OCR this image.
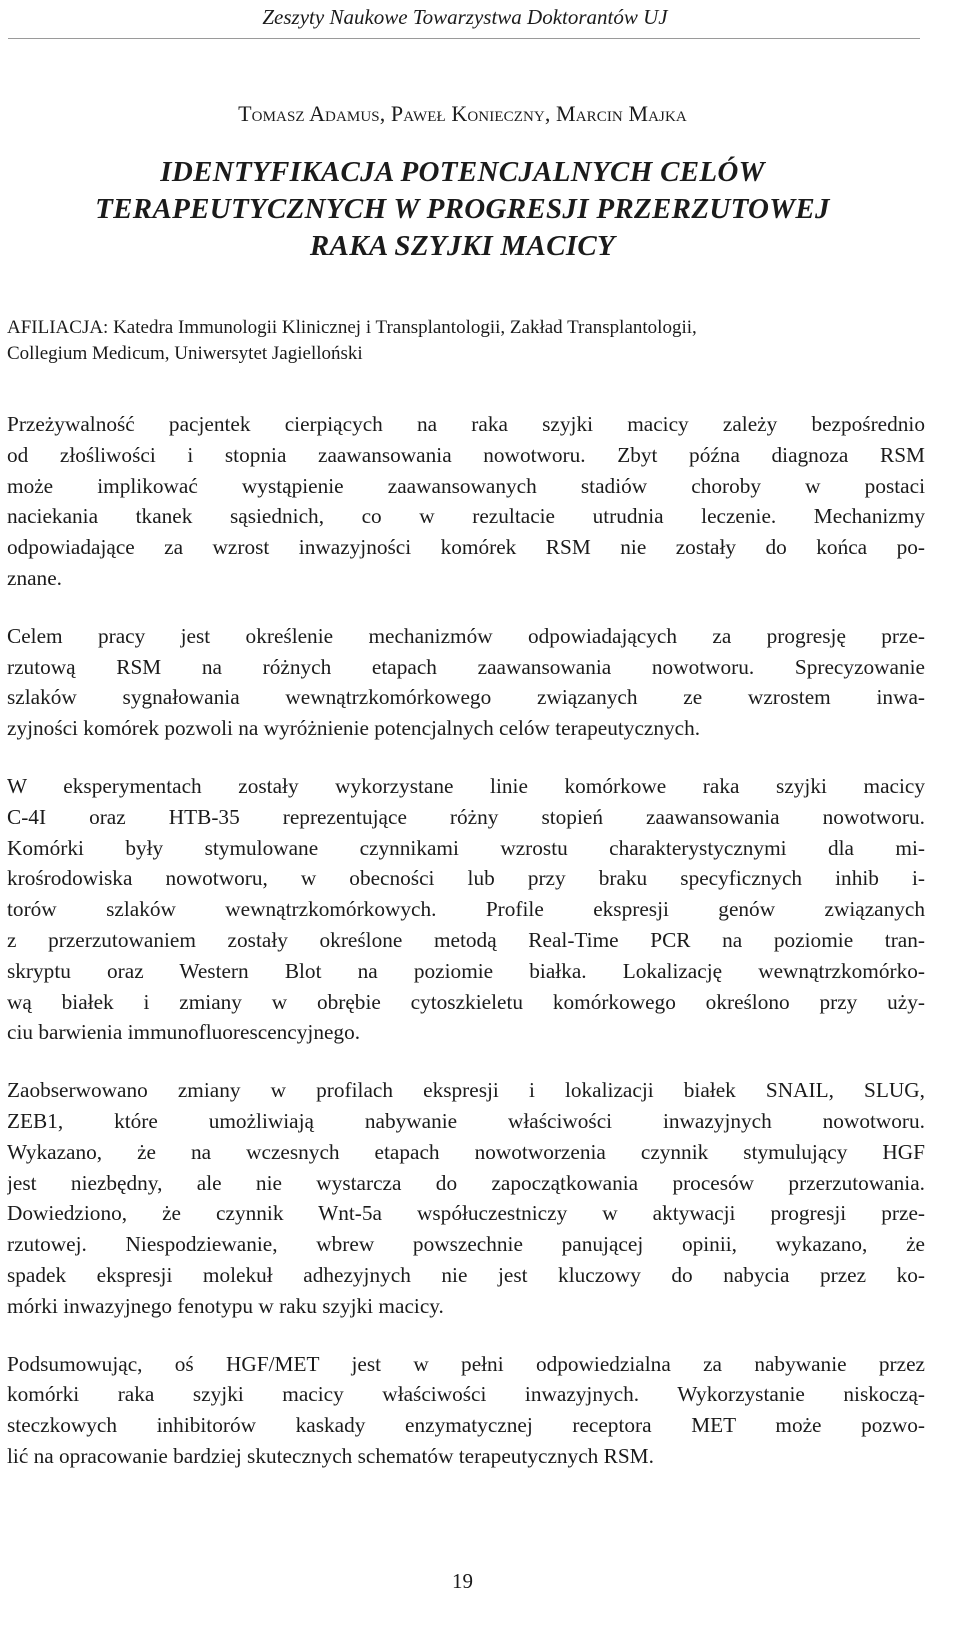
Zeszyty Naukowe Towarzystwa Doktorantów UJ
Tomasz Adamus, Paweł Konieczny, Marcin Majka
IDENTYFIKACJA POTENCJALNYCH CELÓW
TERAPEUTYCZNYCH W PROGRESJI PRZERZUTOWEJ
RAKA SZYJKI MACICY
AFILIACJA: Katedra Immunologii Klinicznej i Transplantologii, Zakład Transplantologii,
Collegium Medicum, Uniwersytet Jagielloński

Przeżywalność pacjentek cierpiących na raka szyjki macicy zależy bezpośrednio
od złośliwości i stopnia zaawansowania nowotworu. Zbyt późna diagnoza RSM
może implikować wystąpienie zaawansowanych stadiów choroby w postaci
naciekania tkanek sąsiednich, co w rezultacie utrudnia leczenie. Mechanizmy
odpowiadające za wzrost inwazyjności komórek RSM nie zostały do końca po-
znane.

Celem pracy jest określenie mechanizmów odpowiadających za progresję prze-
rzutową RSM na różnych etapach zaawansowania nowotworu. Sprecyzowanie
szlaków sygnałowania wewnątrzkomórkowego związanych ze wzrostem inwa-
zyjności komórek pozwoli na wyróżnienie potencjalnych celów terapeutycznych.

W eksperymentach zostały wykorzystane linie komórkowe raka szyjki macicy
C-4I oraz HTB-35 reprezentujące różny stopień zaawansowania nowotworu.
Komórki były stymulowane czynnikami wzrostu charakterystycznymi dla mi-
krośrodowiska nowotworu, w obecności lub przy braku specyficznych inhib i-
torów szlaków wewnątrzkomórkowych. Profile ekspresji genów związanych
z przerzutowaniem zostały określone metodą Real-Time PCR na poziomie tran-
skryptu oraz Western Blot na poziomie białka. Lokalizację wewnątrzkomórko-
wą białek i zmiany w obrębie cytoszkieletu komórkowego określono przy uży-
ciu barwienia immunofluorescencyjnego.

Zaobserwowano zmiany w profilach ekspresji i lokalizacji białek SNAIL, SLUG,
ZEB1, które umożliwiają nabywanie właściwości inwazyjnych nowotworu.
Wykazano, że na wczesnych etapach nowotworzenia czynnik stymulujący HGF
jest niezbędny, ale nie wystarcza do zapoczątkowania procesów przerzutowania.
Dowiedziono, że czynnik Wnt-5a współuczestniczy w aktywacji progresji prze-
rzutowej. Niespodziewanie, wbrew powszechnie panującej opinii, wykazano, że
spadek ekspresji molekuł adhezyjnych nie jest kluczowy do nabycia przez ko-
mórki inwazyjnego fenotypu w raku szyjki macicy.

Podsumowując, oś HGF/MET jest w pełni odpowiedzialna za nabywanie przez
komórki raka szyjki macicy właściwości inwazyjnych. Wykorzystanie niskoczą-
steczkowych inhibitorów kaskady enzymatycznej receptora MET może pozwo-
lić na opracowanie bardziej skutecznych schematów terapeutycznych RSM.

19
